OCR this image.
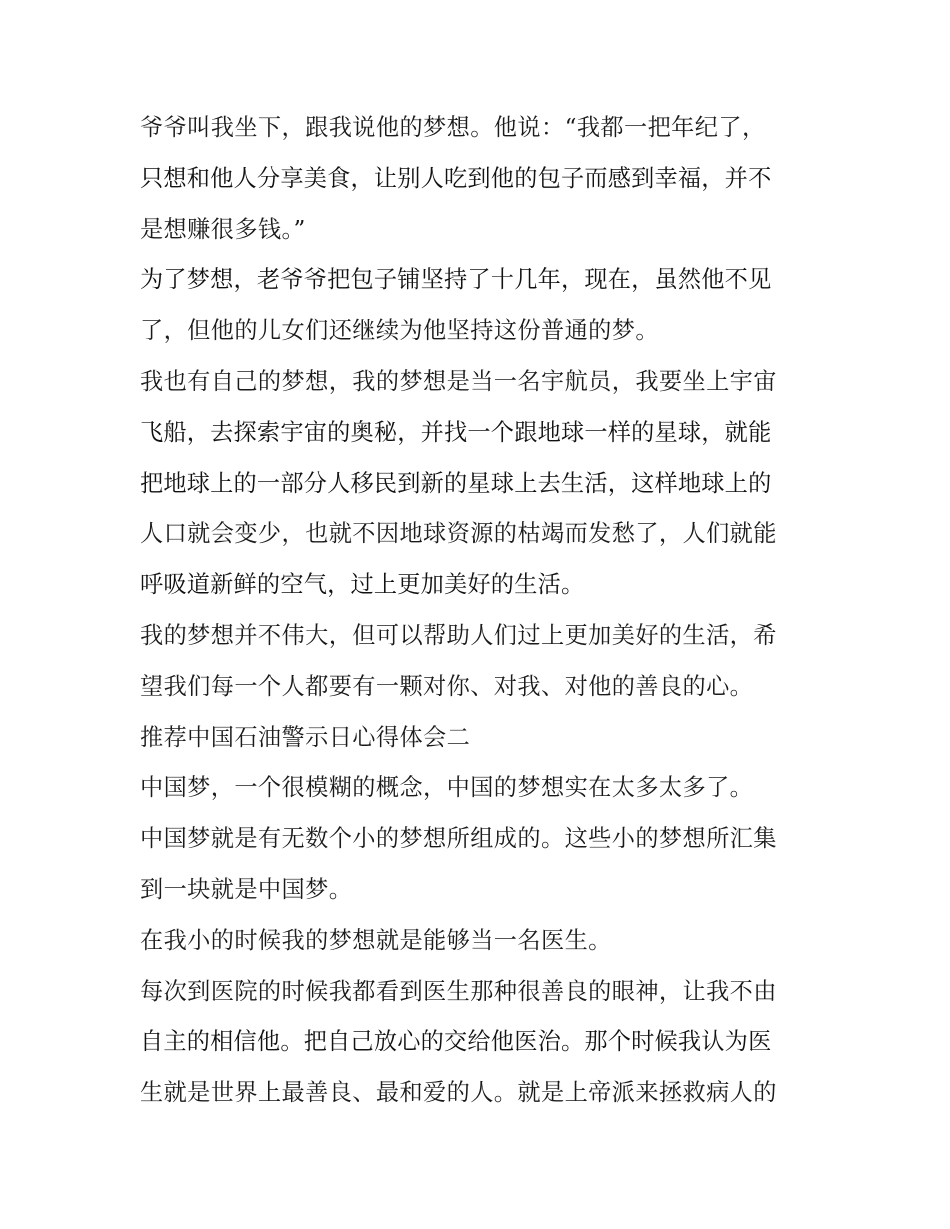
爷爷叫我坐下，跟我说他的梦想。他说：“我都一把年纪了，
只想和他人分享美食，让别人吃到他的包子而感到幸福，并不
是想赚很多钱。”
为了梦想，老爷爷把包子铺坚持了十几年，现在，虽然他不见
了，但他的儿女们还继续为他坚持这份普通的梦。
我也有自己的梦想，我的梦想是当一名宇航员，我要坐上宇宙
飞船，去探索宇宙的奥秘，并找一个跟地球一样的星球，就能
把地球上的一部分人移民到新的星球上去生活，这样地球上的
人口就会变少，也就不因地球资源的枯竭而发愁了，人们就能
呼吸道新鲜的空气，过上更加美好的生活。
我的梦想并不伟大，但可以帮助人们过上更加美好的生活，希
望我们每一个人都要有一颗对你、对我、对他的善良的心。
推荐中国石油警示日心得体会二
中国梦，一个很模糊的概念，中国的梦想实在太多太多了。
中国梦就是有无数个小的梦想所组成的。这些小的梦想所汇集
到一块就是中国梦。
在我小的时候我的梦想就是能够当一名医生。
每次到医院的时候我都看到医生那种很善良的眼神，让我不由
自主的相信他。把自己放心的交给他医治。那个时候我认为医
生就是世界上最善良、最和爱的人。就是上帝派来拯救病人的
